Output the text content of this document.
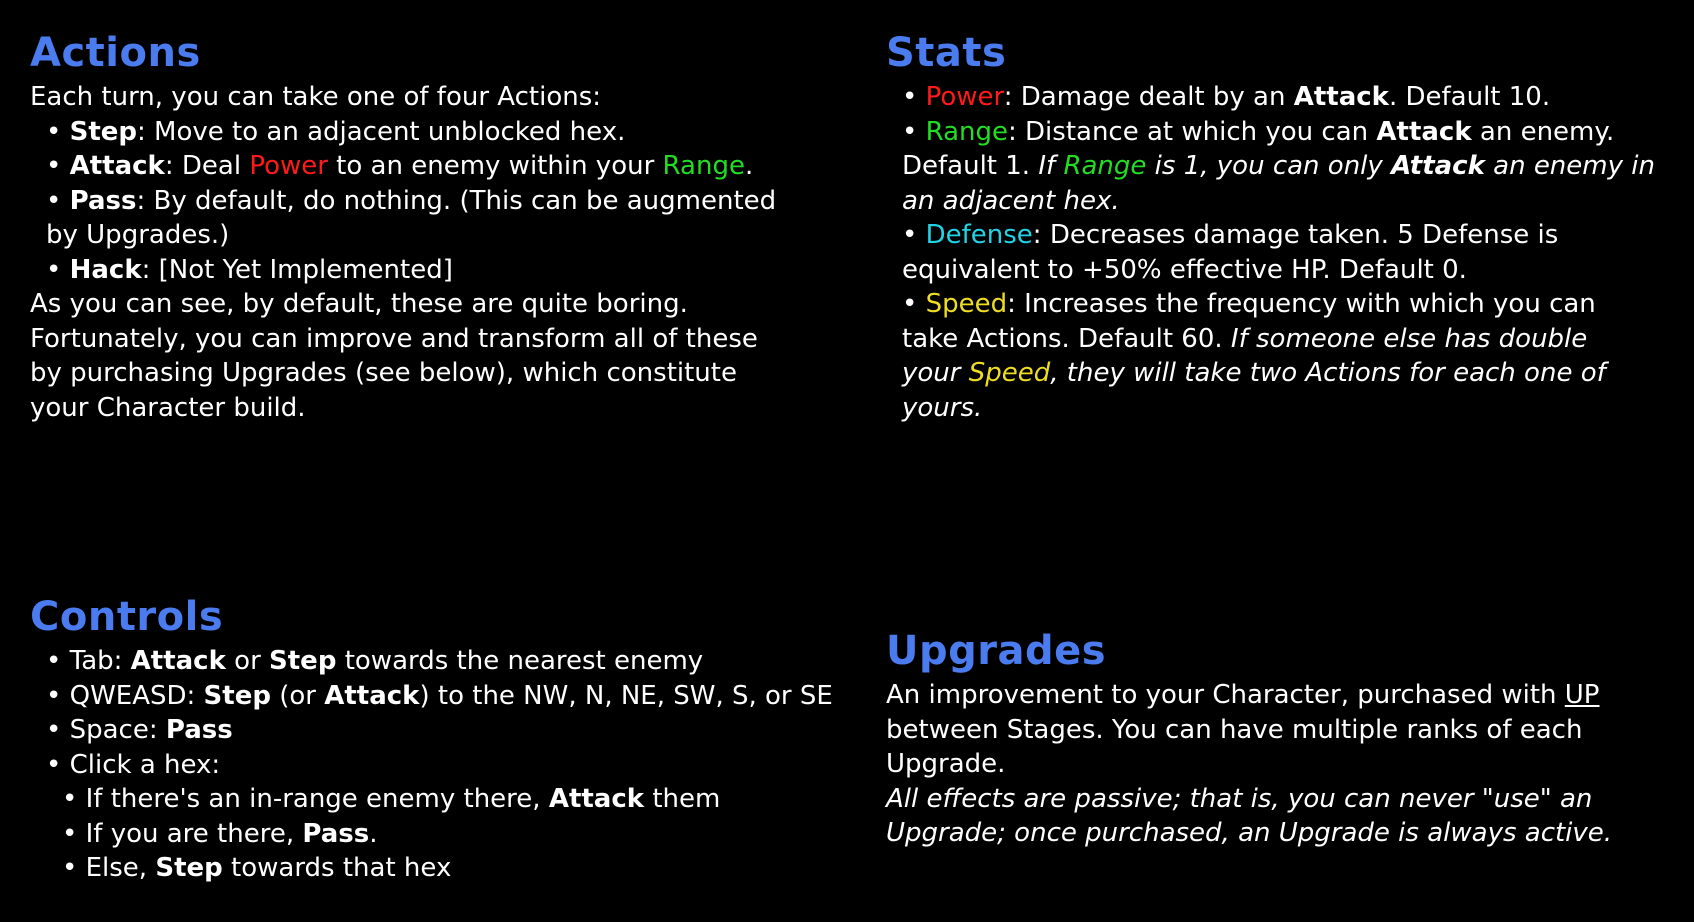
Actions
Each turn, you can take one of four Actions:
• Step: Move to an adjacent unblocked hex.
• Attack: Deal Power to an enemy within your Range.
• Pass: By default, do nothing. (This can be augmented
by Upgrades.)
• Hack: [Not Yet Implemented]
As you can see, by default, these are quite boring.
Fortunately, you can improve and transform all of these
by purchasing Upgrades (see below), which constitute
your Character build.
Stats
• Power: Damage dealt by an Attack. Default 10.
• Range: Distance at which you can Attack an enemy.
Default 1. If Range is 1, you can only Attack an enemy in
an adjacent hex.
• Defense: Decreases damage taken. 5 Defense is
equivalent to +50% effective HP. Default 0.
• Speed: Increases the frequency with which you can
take Actions. Default 60. If someone else has double
your Speed, they will take two Actions for each one of
yours.
Controls
• Tab: Attack or Step towards the nearest enemy
• QWEASD: Step (or Attack) to the NW, N, NE, SW, S, or SE
• Space: Pass
• Click a hex:
• If there's an in-range enemy there, Attack them
• If you are there, Pass.
• Else, Step towards that hex
Upgrades
An improvement to your Character, purchased with UP
between Stages. You can have multiple ranks of each
Upgrade.
All effects are passive; that is, you can never "use" an
Upgrade; once purchased, an Upgrade is always active.
